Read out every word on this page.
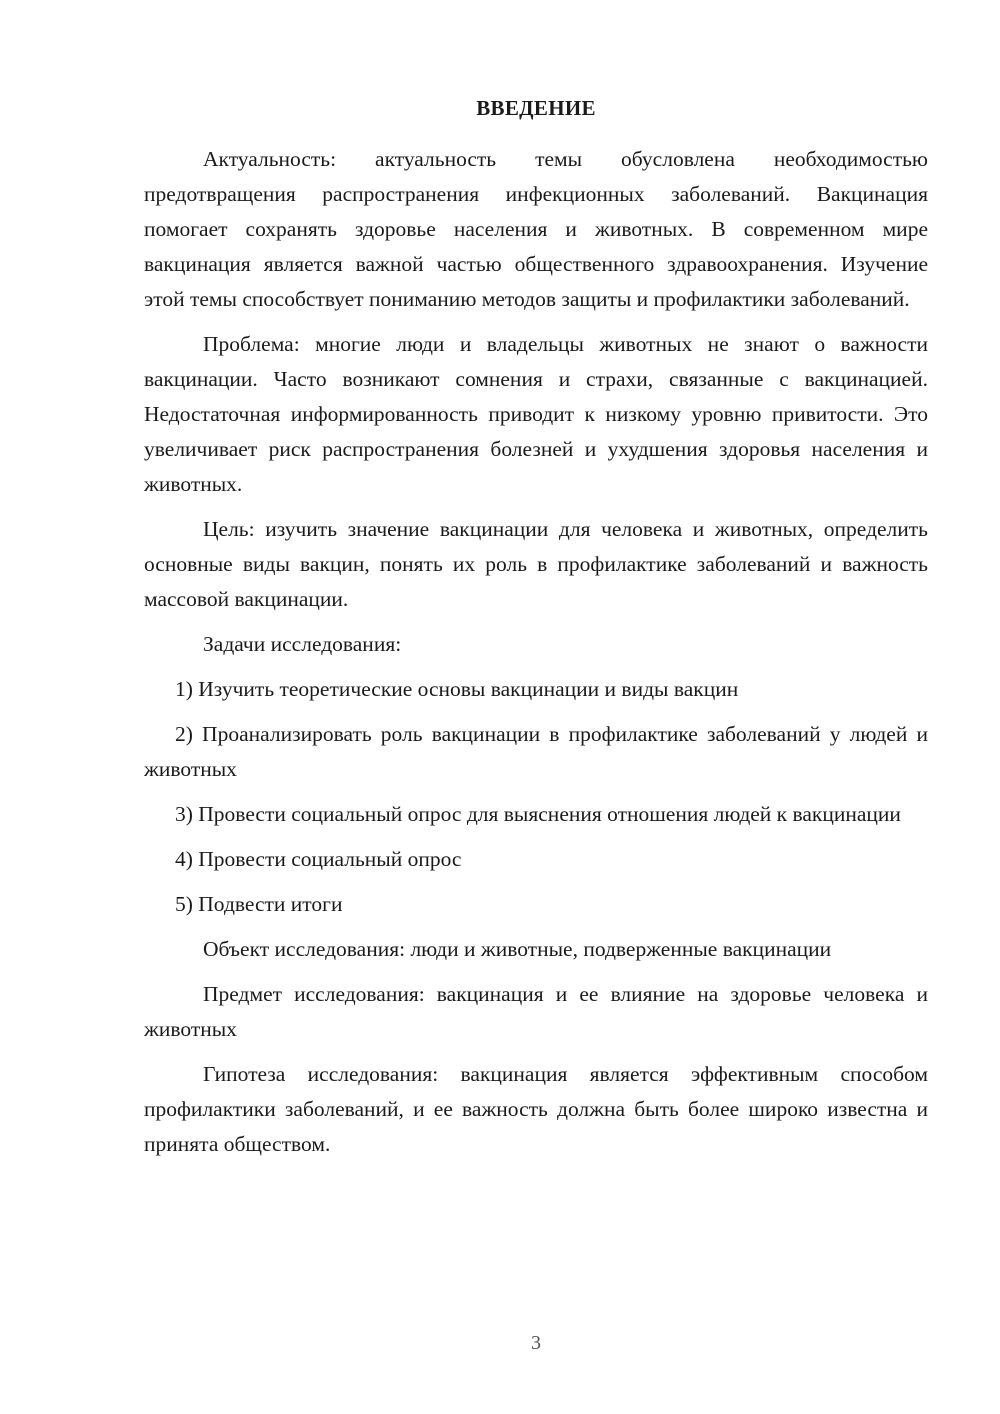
ВВЕДЕНИЕ

Актуальность: актуальность темы обусловлена необходимостью предотвращения распространения инфекционных заболеваний. Вакцинация помогает сохранять здоровье населения и животных. В современном мире вакцинация является важной частью общественного здравоохранения. Изучение этой темы способствует пониманию методов защиты и профилактики заболеваний.

Проблема: многие люди и владельцы животных не знают о важности вакцинации. Часто возникают сомнения и страхи, связанные с вакцинацией. Недостаточная информированность приводит к низкому уровню привитости. Это увеличивает риск распространения болезней и ухудшения здоровья населения и животных.

Цель: изучить значение вакцинации для человека и животных, определить основные виды вакцин, понять их роль в профилактике заболеваний и важность массовой вакцинации.

Задачи исследования:

1) Изучить теоретические основы вакцинации и виды вакцин

2) Проанализировать роль вакцинации в профилактике заболеваний у людей и животных

3) Провести социальный опрос для выяснения отношения людей к вакцинации

4) Провести социальный опрос

5) Подвести итоги

Объект исследования: люди и животные, подверженные вакцинации

Предмет исследования: вакцинация и ее влияние на здоровье человека и животных

Гипотеза исследования: вакцинация является эффективным способом профилактики заболеваний, и ее важность должна быть более широко известна и принята обществом.

3
